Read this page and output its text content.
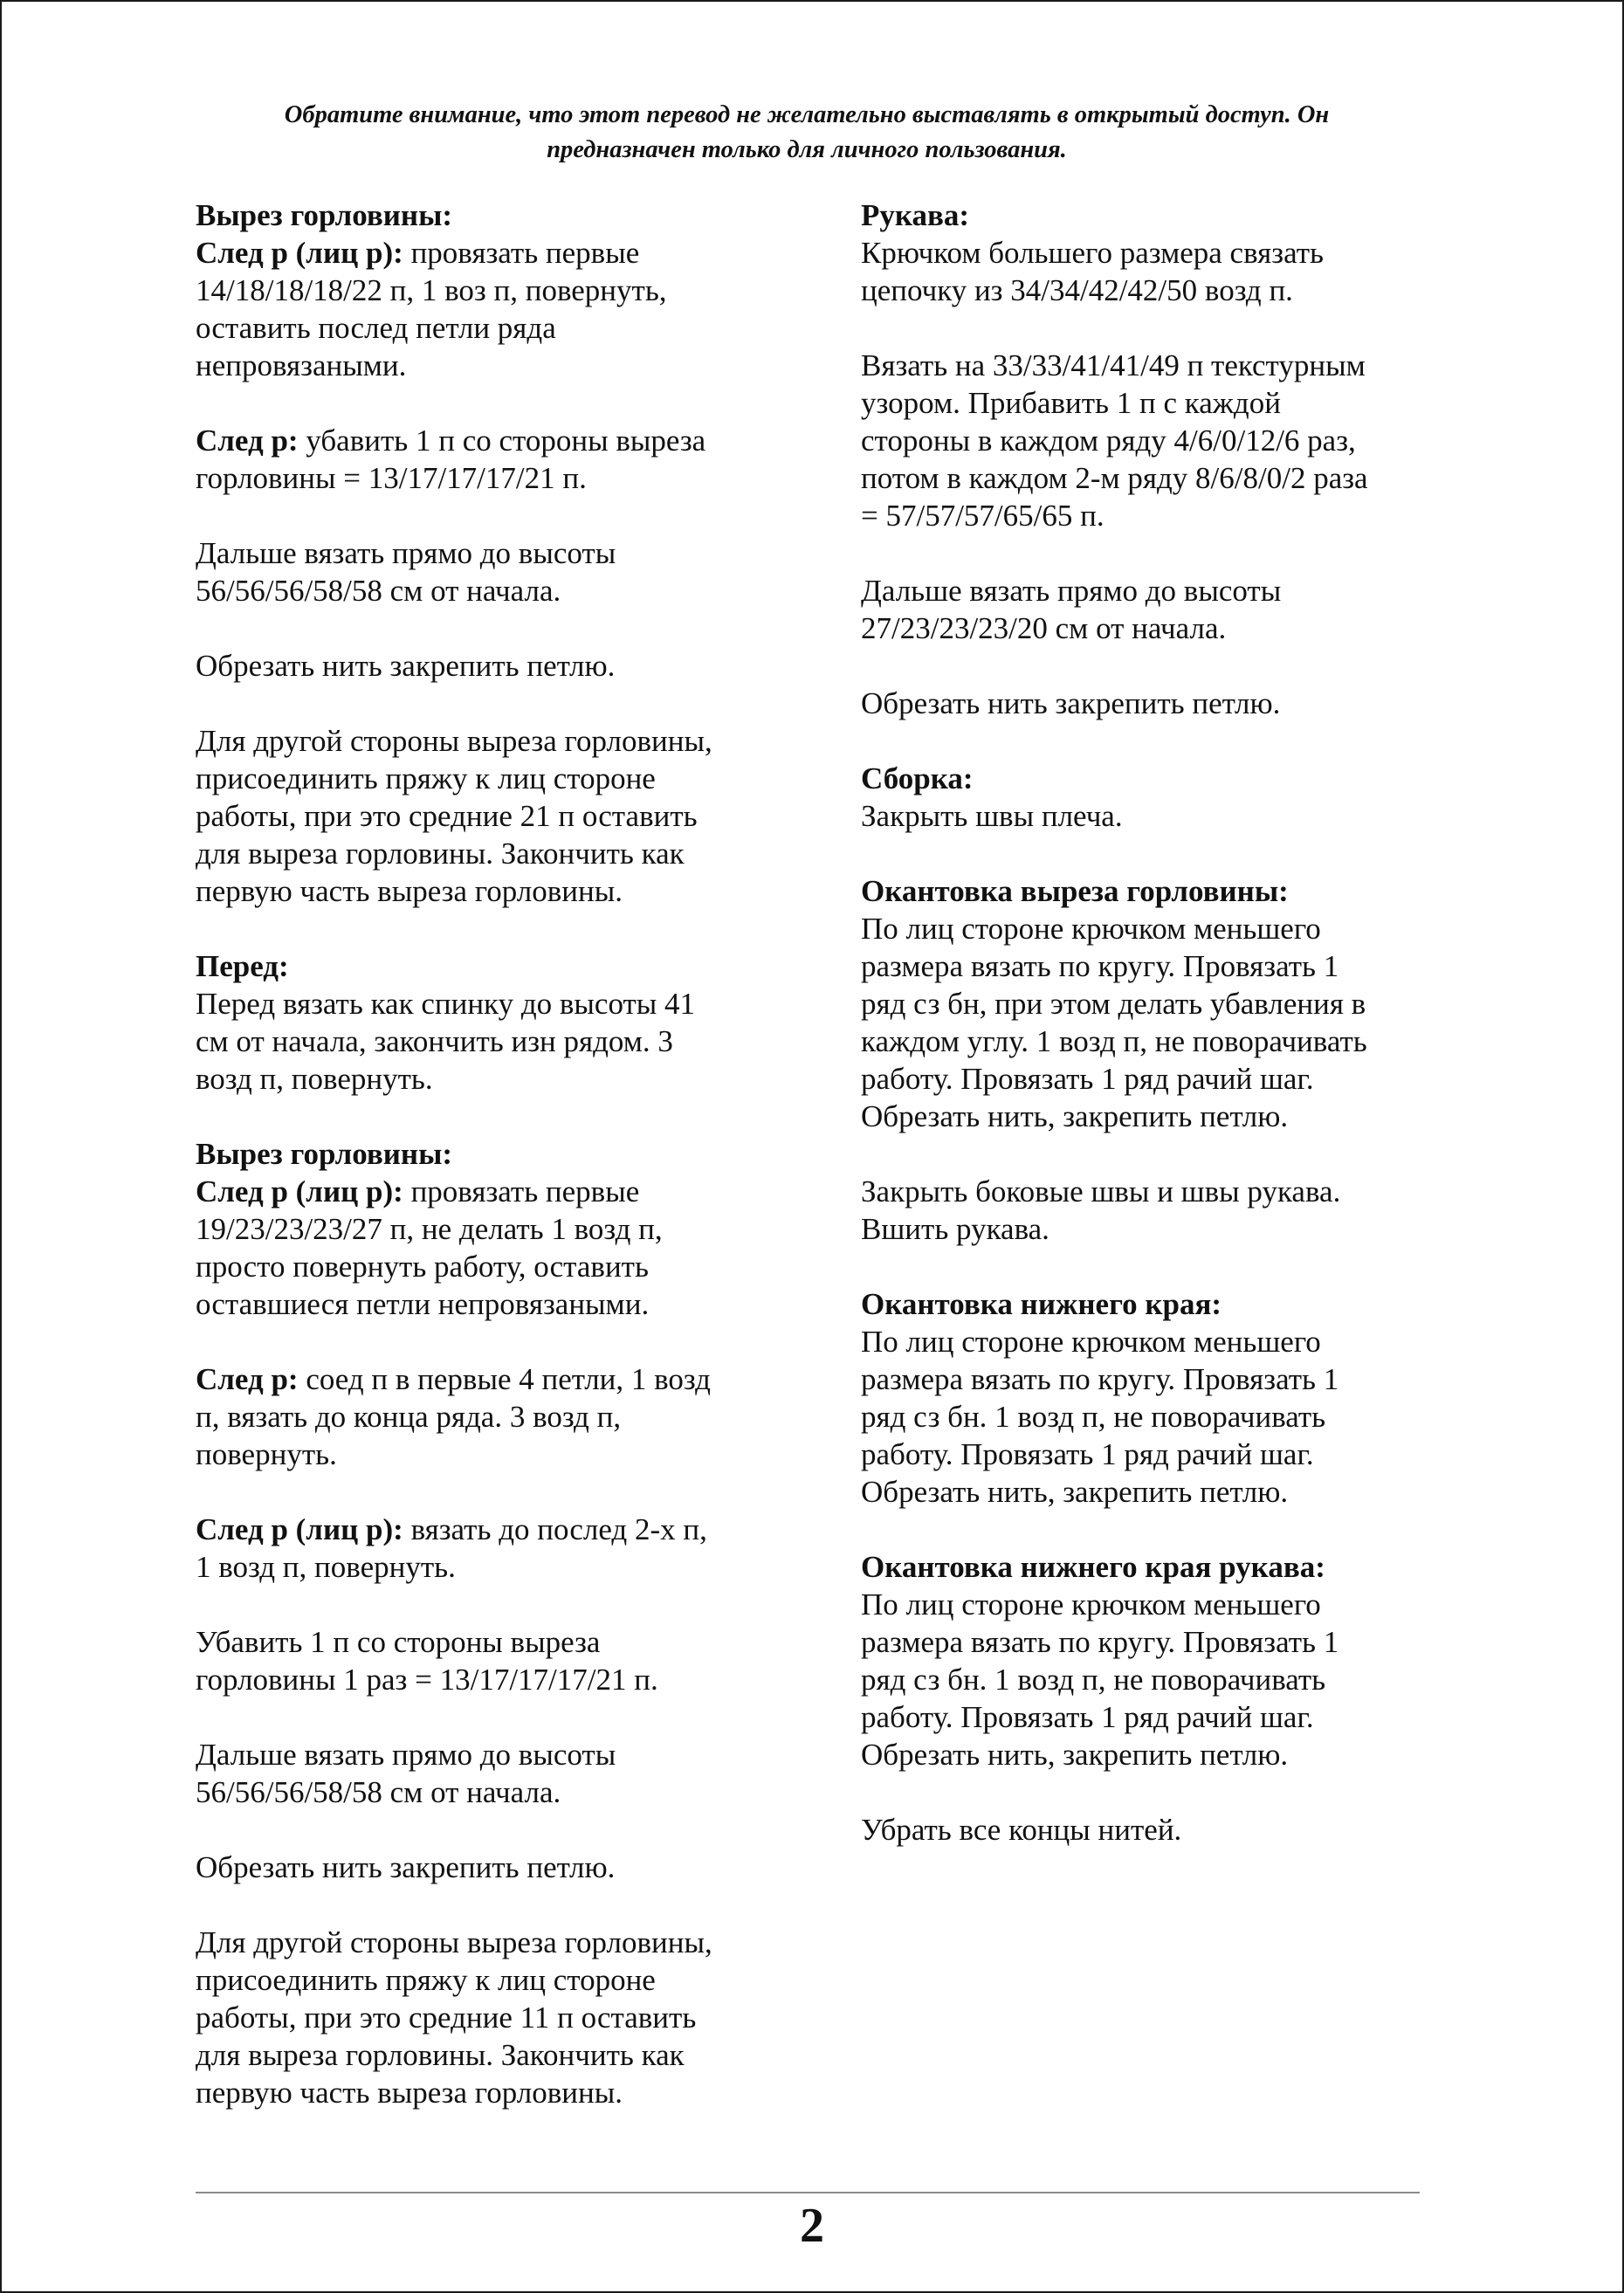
Обратите внимание, что этот перевод не желательно выставлять в открытый доступ. Он
предназначен только для личного пользования.
Вырез горловины:
След р (лиц р): провязать первые
14/18/18/18/22 п, 1 воз п, повернуть,
оставить послед петли ряда
непровязаными.
След р: убавить 1 п со стороны выреза
горловины = 13/17/17/17/21 п.
Дальше вязать прямо до высоты
56/56/56/58/58 см от начала.
Обрезать нить закрепить петлю.
Для другой стороны выреза горловины,
присоединить пряжу к лиц стороне
работы, при это средние 21 п оставить
для выреза горловины. Закончить как
первую часть выреза горловины.
Перед:
Перед вязать как спинку до высоты 41
см от начала, закончить изн рядом. 3
возд п, повернуть.
Вырез горловины:
След р (лиц р): провязать первые
19/23/23/23/27 п, не делать 1 возд п,
просто повернуть работу, оставить
оставшиеся петли непровязаными.
След р: соед п в первые 4 петли, 1 возд
п, вязать до конца ряда. 3 возд п,
повернуть.
След р (лиц р): вязать до послед 2-х п,
1 возд п, повернуть.
Убавить 1 п со стороны выреза
горловины 1 раз = 13/17/17/17/21 п.
Дальше вязать прямо до высоты
56/56/56/58/58 см от начала.
Обрезать нить закрепить петлю.
Для другой стороны выреза горловины,
присоединить пряжу к лиц стороне
работы, при это средние 11 п оставить
для выреза горловины. Закончить как
первую часть выреза горловины.
Рукава:
Крючком большего размера связать
цепочку из 34/34/42/42/50 возд п.
Вязать на 33/33/41/41/49 п текстурным
узором. Прибавить 1 п с каждой
стороны в каждом ряду 4/6/0/12/6 раз,
потом в каждом 2-м ряду 8/6/8/0/2 раза
= 57/57/57/65/65 п.
Дальше вязать прямо до высоты
27/23/23/23/20 см от начала.
Обрезать нить закрепить петлю.
Сборка:
Закрыть швы плеча.
Окантовка выреза горловины:
По лиц стороне крючком меньшего
размера вязать по кругу. Провязать 1
ряд сз бн, при этом делать убавления в
каждом углу. 1 возд п, не поворачивать
работу. Провязать 1 ряд рачий шаг.
Обрезать нить, закрепить петлю.
Закрыть боковые швы и швы рукава.
Вшить рукава.
Окантовка нижнего края:
По лиц стороне крючком меньшего
размера вязать по кругу. Провязать 1
ряд сз бн. 1 возд п, не поворачивать
работу. Провязать 1 ряд рачий шаг.
Обрезать нить, закрепить петлю.
Окантовка нижнего края рукава:
По лиц стороне крючком меньшего
размера вязать по кругу. Провязать 1
ряд сз бн. 1 возд п, не поворачивать
работу. Провязать 1 ряд рачий шаг.
Обрезать нить, закрепить петлю.
Убрать все концы нитей.
2
